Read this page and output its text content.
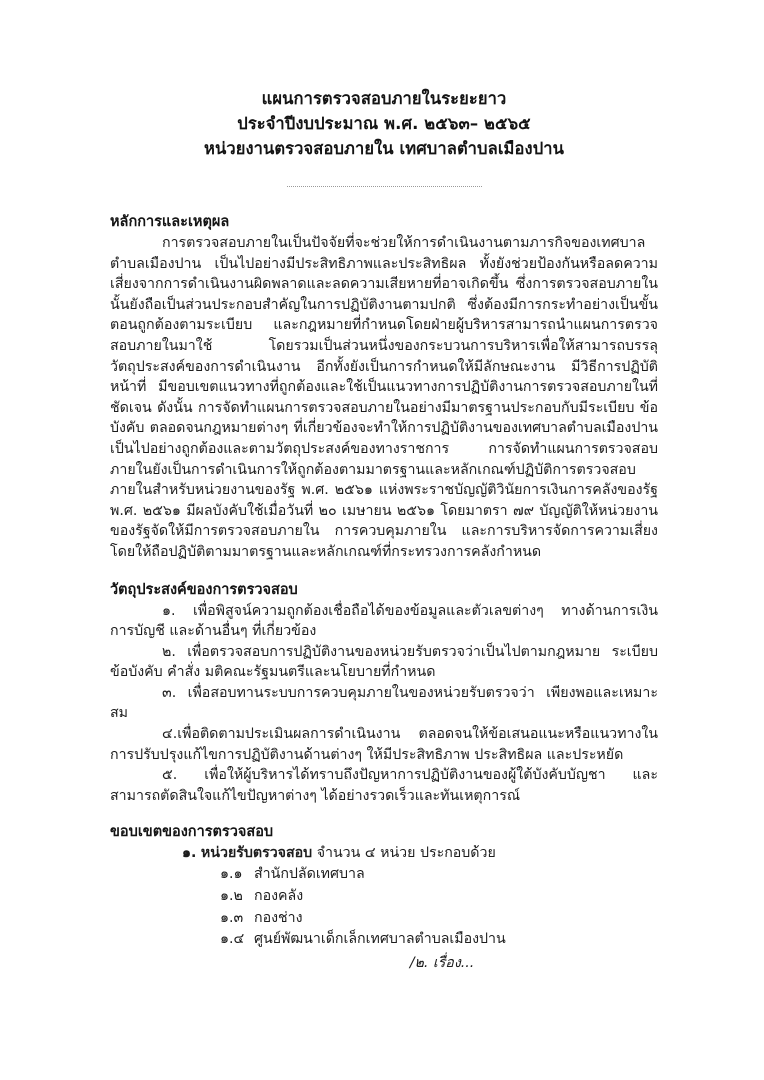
แผนการตรวจสอบภายในระยะยาว
ประจำปีงบประมาณ พ.ศ. ๒๕๖๓– ๒๕๖๕
หน่วยงานตรวจสอบภายใน เทศบาลตำบลเมืองปาน
หลักการและเหตุผล

การตรวจสอบภายในเป็นปัจจัยที่จะช่วยให้การดำเนินงานตามภารกิจของเทศบาลตำบลเมืองปาน เป็นไปอย่างมีประสิทธิภาพและประสิทธิผล ทั้งยังช่วยป้องกันหรือลดความเสี่ยงจากการดำเนินงานผิดพลาดและลดความเสียหายที่อาจเกิดขึ้น ซึ่งการตรวจสอบภายในนั้นยังถือเป็นส่วนประกอบสำคัญในการปฏิบัติงานตามปกติ ซึ่งต้องมีการกระทำอย่างเป็นขั้นตอนถูกต้องตามระเบียบ และกฎหมายที่กำหนดโดยฝ่ายผู้บริหารสามารถนำแผนการตรวจสอบภายในมาใช้ โดยรวมเป็นส่วนหนึ่งของกระบวนการบริหารเพื่อให้สามารถบรรลุวัตถุประสงค์ของการดำเนินงาน อีกทั้งยังเป็นการกำหนดให้มีลักษณะงาน มีวิธีการปฏิบัติหน้าที่ มีขอบเขตแนวทางที่ถูกต้องและใช้เป็นแนวทางการปฏิบัติงานการตรวจสอบภายในที่ชัดเจน ดังนั้น การจัดทำแผนการตรวจสอบภายในอย่างมีมาตรฐานประกอบกับมีระเบียบ ข้อบังคับ ตลอดจนกฎหมายต่างๆ ที่เกี่ยวข้องจะทำให้การปฏิบัติงานของเทศบาลตำบลเมืองปาน เป็นไปอย่างถูกต้องและตามวัตถุประสงค์ของทางราชการ การจัดทำแผนการตรวจสอบภายในยังเป็นการดำเนินการให้ถูกต้องตามมาตรฐานและหลักเกณฑ์ปฏิบัติการตรวจสอบภายในสำหรับหน่วยงานของรัฐ พ.ศ. ๒๕๖๑ แห่งพระราชบัญญัติวินัยการเงินการคลังของรัฐ พ.ศ. ๒๕๖๑ มีผลบังคับใช้เมื่อวันที่ ๒๐ เมษายน ๒๕๖๑ โดยมาตรา ๗๙ บัญญัติให้หน่วยงานของรัฐจัดให้มีการตรวจสอบภายใน การควบคุมภายใน และการบริหารจัดการความเสี่ยง โดยให้ถือปฏิบัติตามมาตรฐานและหลักเกณฑ์ที่กระทรวงการคลังกำหนด

วัตถุประสงค์ของการตรวจสอบ

๑. เพื่อพิสูจน์ความถูกต้องเชื่อถือได้ของข้อมูลและตัวเลขต่างๆ ทางด้านการเงิน การบัญชี และด้านอื่นๆ ที่เกี่ยวข้อง

๒. เพื่อตรวจสอบการปฏิบัติงานของหน่วยรับตรวจว่าเป็นไปตามกฎหมาย ระเบียบ ข้อบังคับ คำสั่ง มติคณะรัฐมนตรีและนโยบายที่กำหนด

๓. เพื่อสอบทานระบบการควบคุมภายในของหน่วยรับตรวจว่า เพียงพอและเหมาะสม

๔.เพื่อติดตามประเมินผลการดำเนินงาน ตลอดจนให้ข้อเสนอแนะหรือแนวทางในการปรับปรุงแก้ไขการปฏิบัติงานด้านต่างๆ ให้มีประสิทธิภาพ ประสิทธิผล และประหยัด

๕. เพื่อให้ผู้บริหารได้ทราบถึงปัญหาการปฏิบัติงานของผู้ใต้บังคับบัญชา และสามารถตัดสินใจแก้ไขปัญหาต่างๆ ได้อย่างรวดเร็วและทันเหตุการณ์

ขอบเขตของการตรวจสอบ

๑. หน่วยรับตรวจสอบ จำนวน ๔ หน่วย ประกอบด้วย

๑.๑ สำนักปลัดเทศบาล

๑.๒ กองคลัง

๑.๓ กองช่าง

๑.๔ ศูนย์พัฒนาเด็กเล็กเทศบาลตำบลเมืองปาน

/๒. เรื่อง...
